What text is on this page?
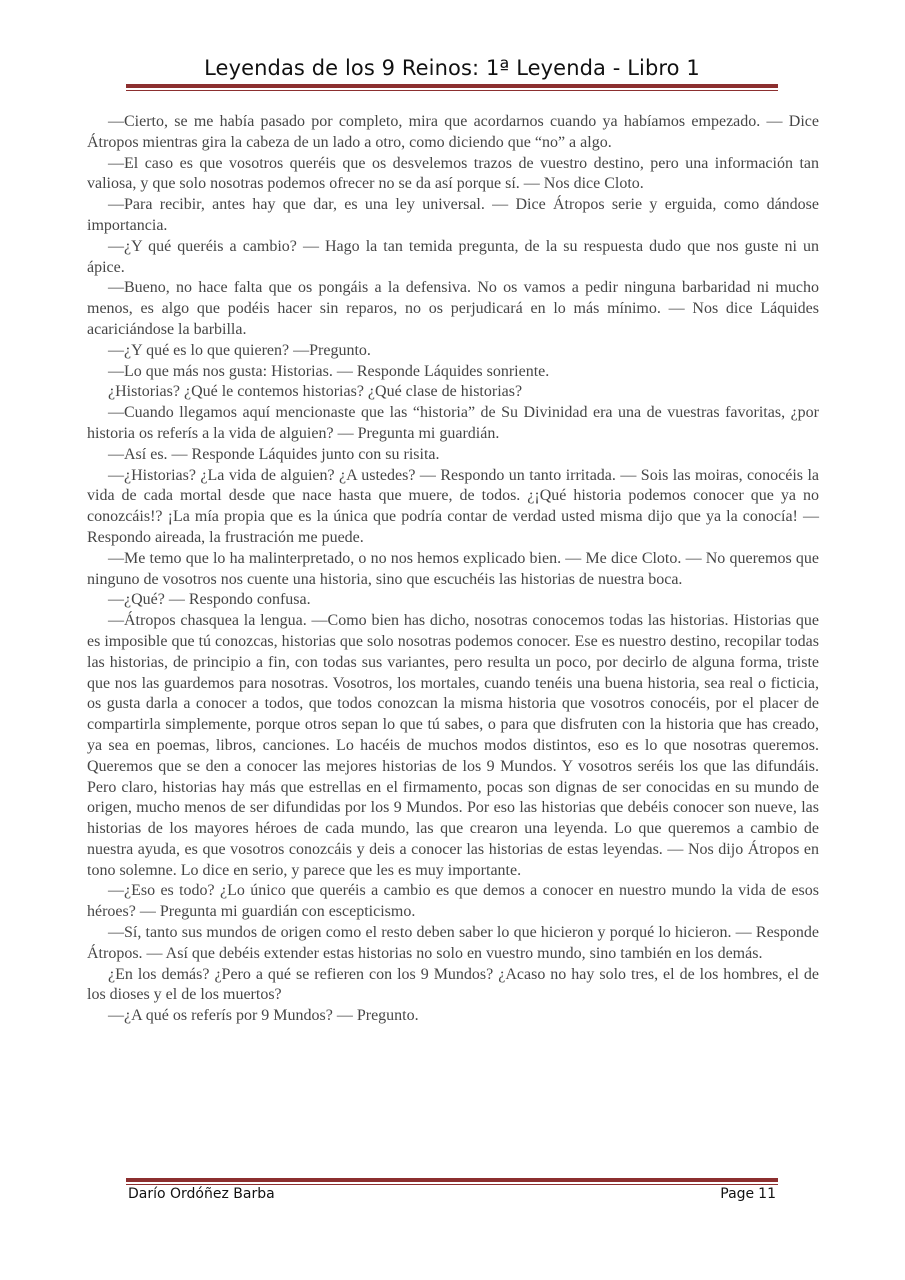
Leyendas de los 9 Reinos: 1ª Leyenda - Libro 1

—Cierto, se me había pasado por completo, mira que acordarnos cuando ya habíamos empezado. — Dice Átropos mientras gira la cabeza de un lado a otro, como diciendo que “no” a algo.

—El caso es que vosotros queréis que os desvelemos trazos de vuestro destino, pero una información tan valiosa, y que solo nosotras podemos ofrecer no se da así porque sí. — Nos dice Cloto.

—Para recibir, antes hay que dar, es una ley universal. — Dice Átropos serie y erguida, como dándose importancia.

—¿Y qué queréis a cambio? — Hago la tan temida pregunta, de la su respuesta dudo que nos guste ni un ápice.

—Bueno, no hace falta que os pongáis a la defensiva. No os vamos a pedir ninguna barbaridad ni mucho menos, es algo que podéis hacer sin reparos, no os perjudicará en lo más mínimo. — Nos dice Láquides acariciándose la barbilla.

—¿Y qué es lo que quieren? —Pregunto.

—Lo que más nos gusta: Historias. — Responde Láquides sonriente.

¿Historias? ¿Qué le contemos historias? ¿Qué clase de historias?

—Cuando llegamos aquí mencionaste que las “historia” de Su Divinidad era una de vuestras favoritas, ¿por historia os referís a la vida de alguien? — Pregunta mi guardián.

—Así es. — Responde Láquides junto con su risita.

—¿Historias? ¿La vida de alguien? ¿A ustedes? — Respondo un tanto irritada. — Sois las moiras, conocéis la vida de cada mortal desde que nace hasta que muere, de todos. ¿¡Qué historia podemos conocer que ya no conozcáis!? ¡La mía propia que es la única que podría contar de verdad usted misma dijo que ya la conocía! — Respondo aireada, la frustración me puede.

—Me temo que lo ha malinterpretado, o no nos hemos explicado bien. — Me dice Cloto. — No queremos que ninguno de vosotros nos cuente una historia, sino que escuchéis las historias de nuestra boca.

—¿Qué? — Respondo confusa.

—Átropos chasquea la lengua. —Como bien has dicho, nosotras conocemos todas las historias. Historias que es imposible que tú conozcas, historias que solo nosotras podemos conocer. Ese es nuestro destino, recopilar todas las historias, de principio a fin, con todas sus variantes, pero resulta un poco, por decirlo de alguna forma, triste que nos las guardemos para nosotras. Vosotros, los mortales, cuando tenéis una buena historia, sea real o ficticia, os gusta darla a conocer a todos, que todos conozcan la misma historia que vosotros conocéis, por el placer de compartirla simplemente, porque otros sepan lo que tú sabes, o para que disfruten con la historia que has creado, ya sea en poemas, libros, canciones. Lo hacéis de muchos modos distintos, eso es lo que nosotras queremos. Queremos que se den a conocer las mejores historias de los 9 Mundos. Y vosotros seréis los que las difundáis. Pero claro, historias hay más que estrellas en el firmamento, pocas son dignas de ser conocidas en su mundo de origen, mucho menos de ser difundidas por los 9 Mundos. Por eso las historias que debéis conocer son nueve, las historias de los mayores héroes de cada mundo, las que crearon una leyenda. Lo que queremos a cambio de nuestra ayuda, es que vosotros conozcáis y deis a conocer las historias de estas leyendas. — Nos dijo Átropos en tono solemne. Lo dice en serio, y parece que les es muy importante.

—¿Eso es todo? ¿Lo único que queréis a cambio es que demos a conocer en nuestro mundo la vida de esos héroes? — Pregunta mi guardián con escepticismo.

—Sí, tanto sus mundos de origen como el resto deben saber lo que hicieron y porqué lo hicieron. — Responde Átropos. — Así que debéis extender estas historias no solo en vuestro mundo, sino también en los demás.

¿En los demás? ¿Pero a qué se refieren con los 9 Mundos? ¿Acaso no hay solo tres, el de los hombres, el de los dioses y el de los muertos?

—¿A qué os referís por 9 Mundos? — Pregunto.

Darío Ordóñez Barba	Page 11
